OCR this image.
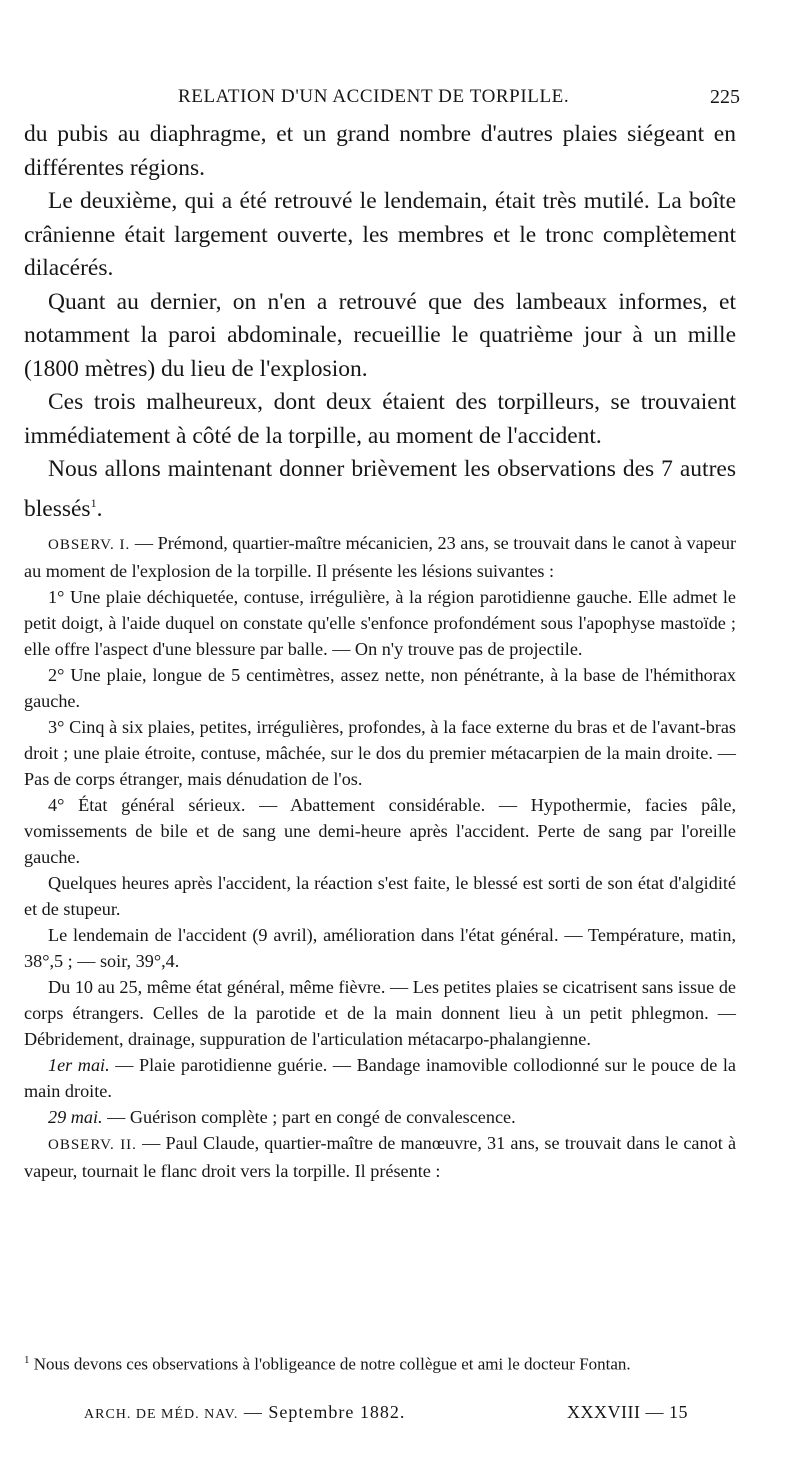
RELATION D'UN ACCIDENT DE TORPILLE.	225

du pubis au diaphragme, et un grand nombre d'autres plaies siégeant en différentes régions.

Le deuxième, qui a été retrouvé le lendemain, était très mutilé. La boîte crânienne était largement ouverte, les membres et le tronc complètement dilacérés.

Quant au dernier, on n'en a retrouvé que des lambeaux informes, et notamment la paroi abdominale, recueillie le quatrième jour à un mille (1800 mètres) du lieu de l'explosion.

Ces trois malheureux, dont deux étaient des torpilleurs, se trouvaient immédiatement à côté de la torpille, au moment de l'accident.

Nous allons maintenant donner brièvement les observations des 7 autres blessés$^1$.

OBSERV. I. — Prémond, quartier-maître mécanicien, 23 ans, se trouvait dans le canot à vapeur au moment de l'explosion de la torpille. Il présente les lésions suivantes :

1° Une plaie déchiquetée, contuse, irrégulière, à la région parotidienne gauche. Elle admet le petit doigt, à l'aide duquel on constate qu'elle s'enfonce profondément sous l'apophyse mastoïde ; elle offre l'aspect d'une blessure par balle. — On n'y trouve pas de projectile.

2° Une plaie, longue de 5 centimètres, assez nette, non pénétrante, à la base de l'hémithorax gauche.

3° Cinq à six plaies, petites, irrégulières, profondes, à la face externe du bras et de l'avant-bras droit ; une plaie étroite, contuse, mâchée, sur le dos du premier métacarpien de la main droite. — Pas de corps étranger, mais dénudation de l'os.

4° État général sérieux. — Abattement considérable. — Hypothermie, facies pâle, vomissements de bile et de sang une demi-heure après l'accident. Perte de sang par l'oreille gauche.

Quelques heures après l'accident, la réaction s'est faite, le blessé est sorti de son état d'algidité et de stupeur.

Le lendemain de l'accident (9 avril), amélioration dans l'état général. — Température, matin, 38°,5 ; — soir, 39°,4.

Du 10 au 25, même état général, même fièvre. — Les petites plaies se cicatrisent sans issue de corps étrangers. Celles de la parotide et de la main donnent lieu à un petit phlegmon. — Débridement, drainage, suppuration de l'articulation métacarpo-phalangienne.

1er mai. — Plaie parotidienne guérie. — Bandage inamovible collodionné sur le pouce de la main droite.

29 mai. — Guérison complète ; part en congé de convalescence.

OBSERV. II. — Paul Claude, quartier-maître de manœuvre, 31 ans, se trouvait dans le canot à vapeur, tournait le flanc droit vers la torpille. Il présente :

$^1$ Nous devons ces observations à l'obligeance de notre collègue et ami le docteur Fontan.
ARCH. DE MÉD. NAV. — Septembre 1882.	XXXVIII — 15
